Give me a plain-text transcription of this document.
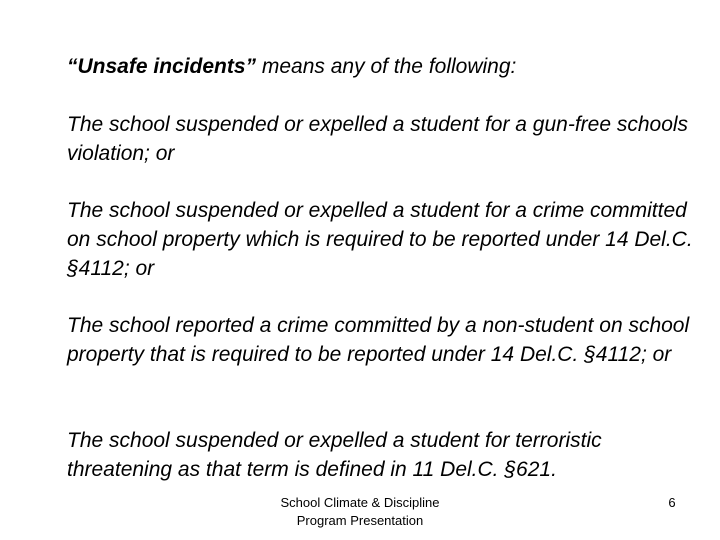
“Unsafe incidents” means any of the following:
The school suspended or expelled a student for a gun-free schools violation; or
The school suspended or expelled a student for a crime committed on school property which is required to be reported under 14 Del.C. §4112; or
The school reported a crime committed by a non-student on school property that is required to be reported under 14 Del.C. §4112; or
The school suspended or expelled a student for terroristic threatening as that term is defined in 11 Del.C. §621.
School Climate & Discipline
Program Presentation
6
